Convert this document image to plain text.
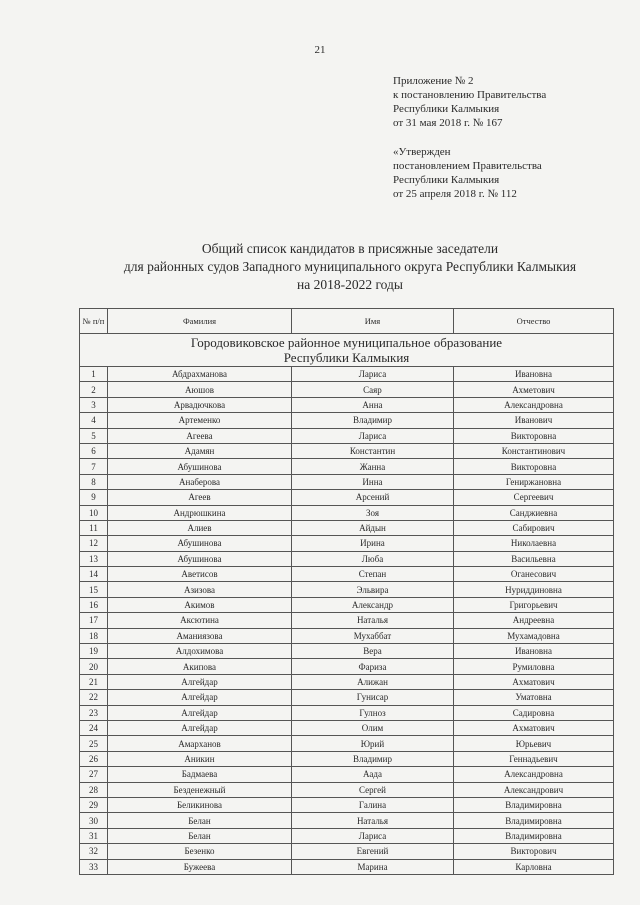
21
Приложение № 2
к постановлению Правительства
Республики Калмыкия
от 31 мая 2018 г. № 167
«Утвержден
постановлением Правительства
Республики Калмыкия
от 25 апреля 2018 г. № 112
Общий список кандидатов в присяжные заседатели
для районных судов Западного муниципального округа Республики Калмыкия
на 2018-2022 годы
№ п/п	Фамилия	Имя	Отчество
Городовиковское районное муниципальное образование Республики Калмыкия			
1	Абдрахманова	Лариса	Ивановна
2	Аюшов	Саяр	Ахметович
3	Арвадючкова	Анна	Александровна
4	Артеменко	Владимир	Иванович
5	Агеева	Лариса	Викторовна
6	Адамян	Константин	Константинович
7	Абушинова	Жанна	Викторовна
8	Анаберова	Инна	Гениржановна
9	Агеев	Арсений	Сергеевич
10	Андрюшкина	Зоя	Санджиевна
11	Алиев	Айдын	Сабирович
12	Абушинова	Ирина	Николаевна
13	Абушинова	Люба	Васильевна
14	Аветисов	Степан	Оганесович
15	Азизова	Эльвира	Нуриддиновна
16	Акимов	Александр	Григорьевич
17	Аксютина	Наталья	Андреевна
18	Аманиязова	Мухаббат	Мухамадовна
19	Алдохимова	Вера	Ивановна
20	Акипова	Фариза	Румиловна
21	Алгейдар	Алижан	Ахматович
22	Алгейдар	Гунисар	Уматовна
23	Алгейдар	Гулноз	Садировна
24	Алгейдар	Олим	Ахматович
25	Амарханов	Юрий	Юрьевич
26	Аникин	Владимир	Геннадьевич
27	Бадмаева	Аада	Александровна
28	Безденежный	Сергей	Александрович
29	Беликинова	Галина	Владимировна
30	Белан	Наталья	Владимировна
31	Белан	Лариса	Владимировна
32	Безенко	Евгений	Викторович
33	Бужеева	Марина	Карловна
